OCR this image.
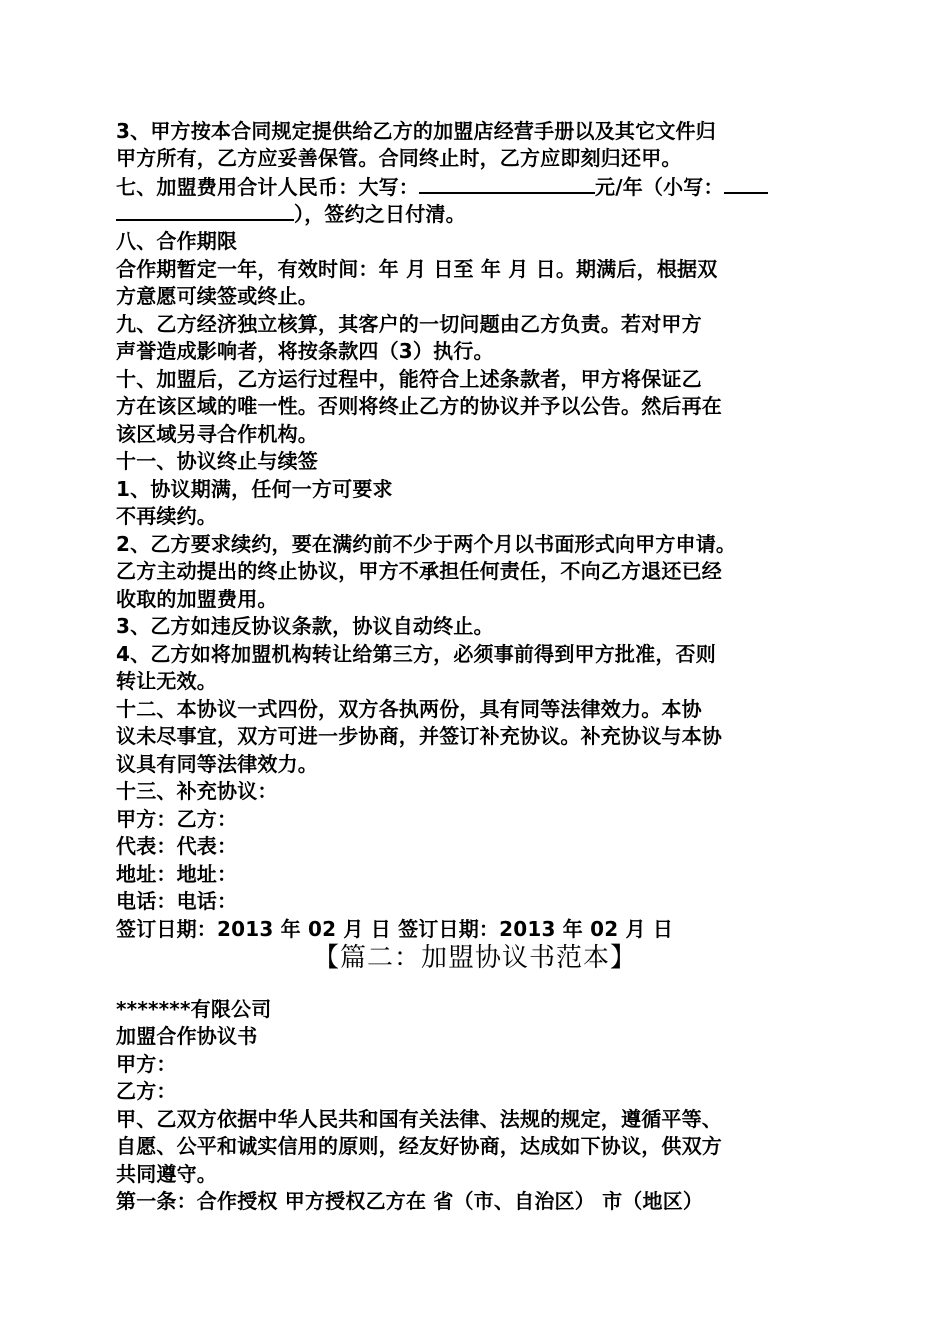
3、甲方按本合同规定提供给乙方的加盟店经营手册以及其它文件归
甲方所有，乙方应妥善保管。合同终止时，乙方应即刻归还甲。
七、加盟费用合计人民币：大写：	元/年（小写：
），签约之日付清。
八、合作期限
合作期暂定一年，有效时间：年 月 日至 年 月 日。期满后，根据双
方意愿可续签或终止。
九、乙方经济独立核算，其客户的一切问题由乙方负责。若对甲方
声誉造成影响者，将按条款四（3）执行。
十、加盟后，乙方运行过程中，能符合上述条款者，甲方将保证乙
方在该区域的唯一性。否则将终止乙方的协议并予以公告。然后再在
该区域另寻合作机构。
十一、协议终止与续签
1、协议期满，任何一方可要求
不再续约。
2、乙方要求续约，要在满约前不少于两个月以书面形式向甲方申请。
乙方主动提出的终止协议，甲方不承担任何责任，不向乙方退还已经
收取的加盟费用。
3、乙方如违反协议条款，协议自动终止。
4、乙方如将加盟机构转让给第三方，必须事前得到甲方批准，否则
转让无效。
十二、本协议一式四份，双方各执两份，具有同等法律效力。本协
议未尽事宜，双方可进一步协商，并签订补充协议。补充协议与本协
议具有同等法律效力。
十三、补充协议：
甲方：乙方：
代表：代表：
地址：地址：
电话：电话：
签订日期：2013 年 02 月 日 签订日期：2013 年 02 月 日
【篇二：加盟协议书范本】
*******有限公司
加盟合作协议书
甲方：
乙方：
甲、乙双方依据中华人民共和国有关法律、法规的规定，遵循平等、
自愿、公平和诚实信用的原则，经友好协商，达成如下协议，供双方
共同遵守。
第一条：合作授权 甲方授权乙方在 省（市、自治区） 市（地区）
